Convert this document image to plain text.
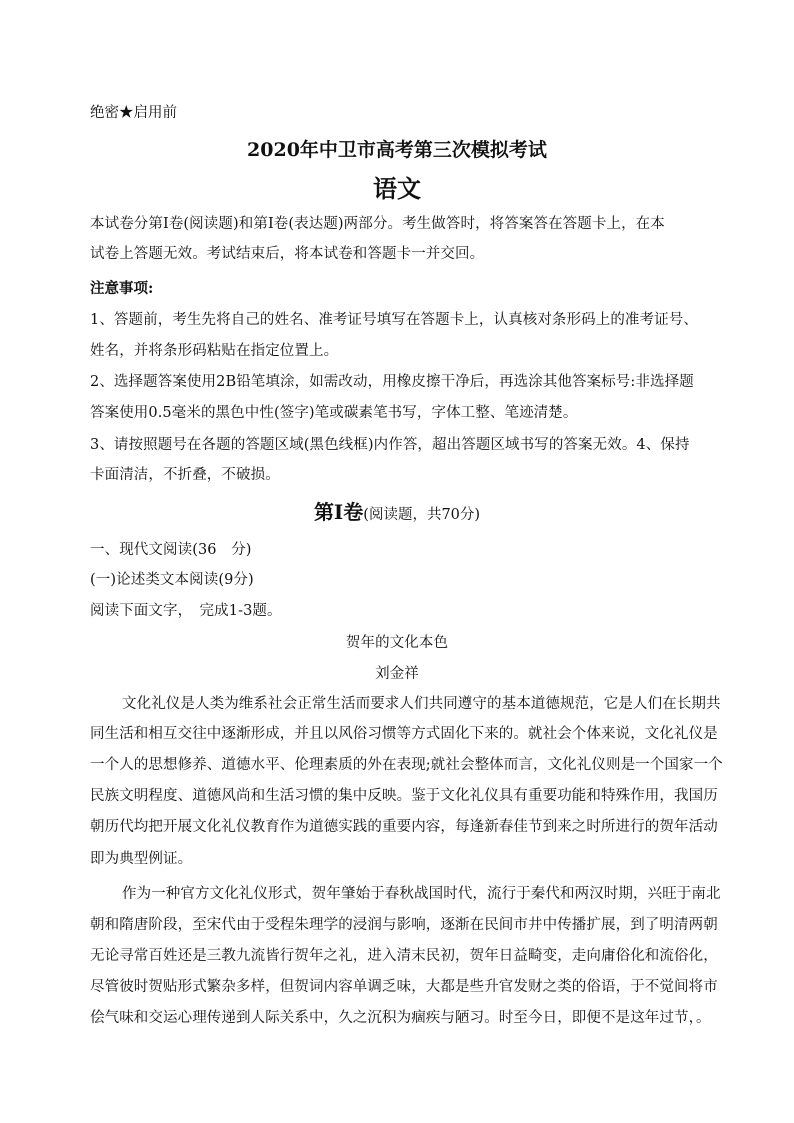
绝密★启用前
2020年中卫市高考第三次模拟考试
语文
本试卷分第Ⅰ卷(阅读题)和第Ⅰ卷(表达题)两部分。考生做答时，将答案答在答题卡上，在本
试卷上答题无效。考试结束后，将本试卷和答题卡一并交回。
注意事项:
1、答题前，考生先将自己的姓名、准考证号填写在答题卡上，认真核对条形码上的准考证号、
姓名，并将条形码粘贴在指定位置上。
2、选择题答案使用2B铅笔填涂，如需改动，用橡皮擦干净后，再选涂其他答案标号:非选择题
答案使用0.5毫米的黑色中性(签字)笔或碳素笔书写，字体工整、笔迹清楚。
3、请按照题号在各题的答题区域(黑色线框)内作答，超出答题区域书写的答案无效。4、保持
卡面清洁，不折叠，不破损。
第Ⅰ卷(阅读题，共70分)
一、现代文阅读(36　分)
(一)论述类文本阅读(9分)
阅读下面文字，　完成1-3题。
贺年的文化本色
刘金祥
文化礼仪是人类为维系社会正常生活而要求人们共同遵守的基本道德规范，它是人们在长期共
同生活和相互交往中逐渐形成，并且以风俗习惯等方式固化下来的。就社会个体来说，文化礼仪是
一个人的思想修养、道德水平、伦理素质的外在表现;就社会整体而言，文化礼仪则是一个国家一个
民族文明程度、道德风尚和生活习惯的集中反映。鉴于文化礼仪具有重要功能和特殊作用，我国历
朝历代均把开展文化礼仪教育作为道德实践的重要内容，每逢新春佳节到来之时所进行的贺年活动
即为典型例证。
作为一种官方文化礼仪形式，贺年肇始于春秋战国时代，流行于秦代和两汉时期，兴旺于南北
朝和隋唐阶段，至宋代由于受程朱理学的浸润与影响，逐渐在民间市井中传播扩展，到了明清两朝
无论寻常百姓还是三教九流皆行贺年之礼，进入清末民初，贺年日益畸变，走向庸俗化和流俗化，
尽管彼时贺贴形式繁杂多样，但贺词内容单调乏味，大都是些升官发财之类的俗语，于不觉间将市
侩气味和交运心理传递到人际关系中，久之沉积为痼疾与陋习。时至今日，即便不是这年过节，。
